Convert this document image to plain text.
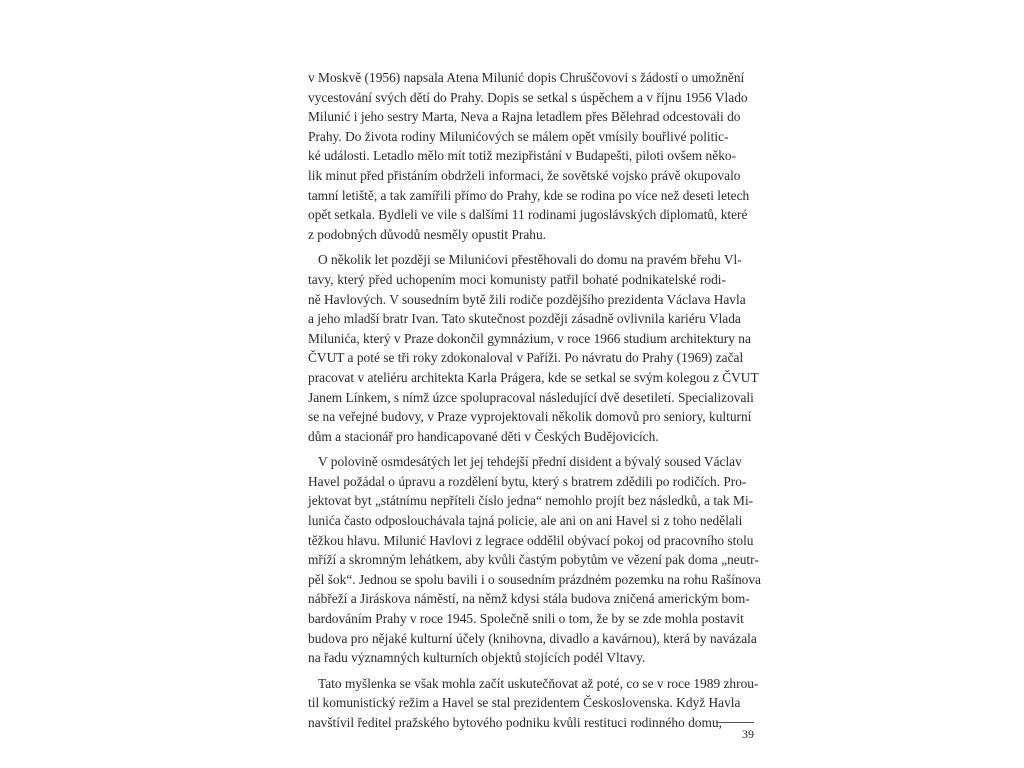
v Moskvě (1956) napsala Atena Milunić dopis Chruščovovi s žádostí o umožnění
vycestování svých dětí do Prahy. Dopis se setkal s úspěchem a v říjnu 1956 Vlado
Milunić i jeho sestry Marta, Neva a Rajna letadlem přes Bělehrad odcestovali do
Prahy. Do života rodiny Milunićových se málem opět vmísily bouřlivé politic-
ké události. Letadlo mělo mít totiž mezipřistání v Budapešti, piloti ovšem něko-
lik minut před přistáním obdrželi informaci, že sovětské vojsko právě okupovalo
tamní letiště, a tak zamířili přímo do Prahy, kde se rodina po více než deseti letech
opět setkala. Bydleli ve vile s dalšími 11 rodinami jugoslávských diplomatů, které
z podobných důvodů nesměly opustit Prahu.

O několik let později se Milunićovi přestěhovali do domu na pravém břehu Vl-
tavy, který před uchopením moci komunisty patřil bohaté podnikatelské rodi-
ně Havlových. V sousedním bytě žili rodiče pozdějšího prezidenta Václava Havla
a jeho mladší bratr Ivan. Tato skutečnost později zásadně ovlivnila kariéru Vlada
Milunića, který v Praze dokončil gymnázium, v roce 1966 studium architektury na
ČVUT a poté se tři roky zdokonaloval v Paříži. Po návratu do Prahy (1969) začal
pracovat v ateliéru architekta Karla Prágera, kde se setkal se svým kolegou z ČVUT
Janem Línkem, s nímž úzce spolupracoval následující dvě desetiletí. Specializovali
se na veřejné budovy, v Praze vyprojektovali několik domovů pro seniory, kulturní
dům a stacionář pro handicapované děti v Českých Budějovicích.

V polovině osmdesátých let jej tehdejší přední disident a bývalý soused Václav
Havel požádal o úpravu a rozdělení bytu, který s bratrem zdědili po rodičích. Pro-
jektovat byt „státnímu nepříteli číslo jedna“ nemohlo projít bez následků, a tak Mi-
lunića často odposlouchávala tajná policie, ale ani on ani Havel si z toho nedělali
těžkou hlavu. Milunić Havlovi z legrace oddělil obývací pokoj od pracovního stolu
mříží a skromným lehátkem, aby kvůli častým pobytům ve vězení pak doma „neutr-
pěl šok“. Jednou se spolu bavili i o sousedním prázdném pozemku na rohu Rašínova
nábřeží a Jiráskova náměstí, na němž kdysi stála budova zničená americkým bom-
bardováním Prahy v roce 1945. Společně snili o tom, že by se zde mohla postavit
budova pro nějaké kulturní účely (knihovna, divadlo a kavárnou), která by navázala
na řadu významných kulturních objektů stojících podél Vltavy.

Tato myšlenka se však mohla začít uskutečňovat až poté, co se v roce 1989 zhrou-
til komunistický režim a Havel se stal prezidentem Československa. Když Havla
navštívil ředitel pražského bytového podniku kvůli restituci rodinného domu,

39
